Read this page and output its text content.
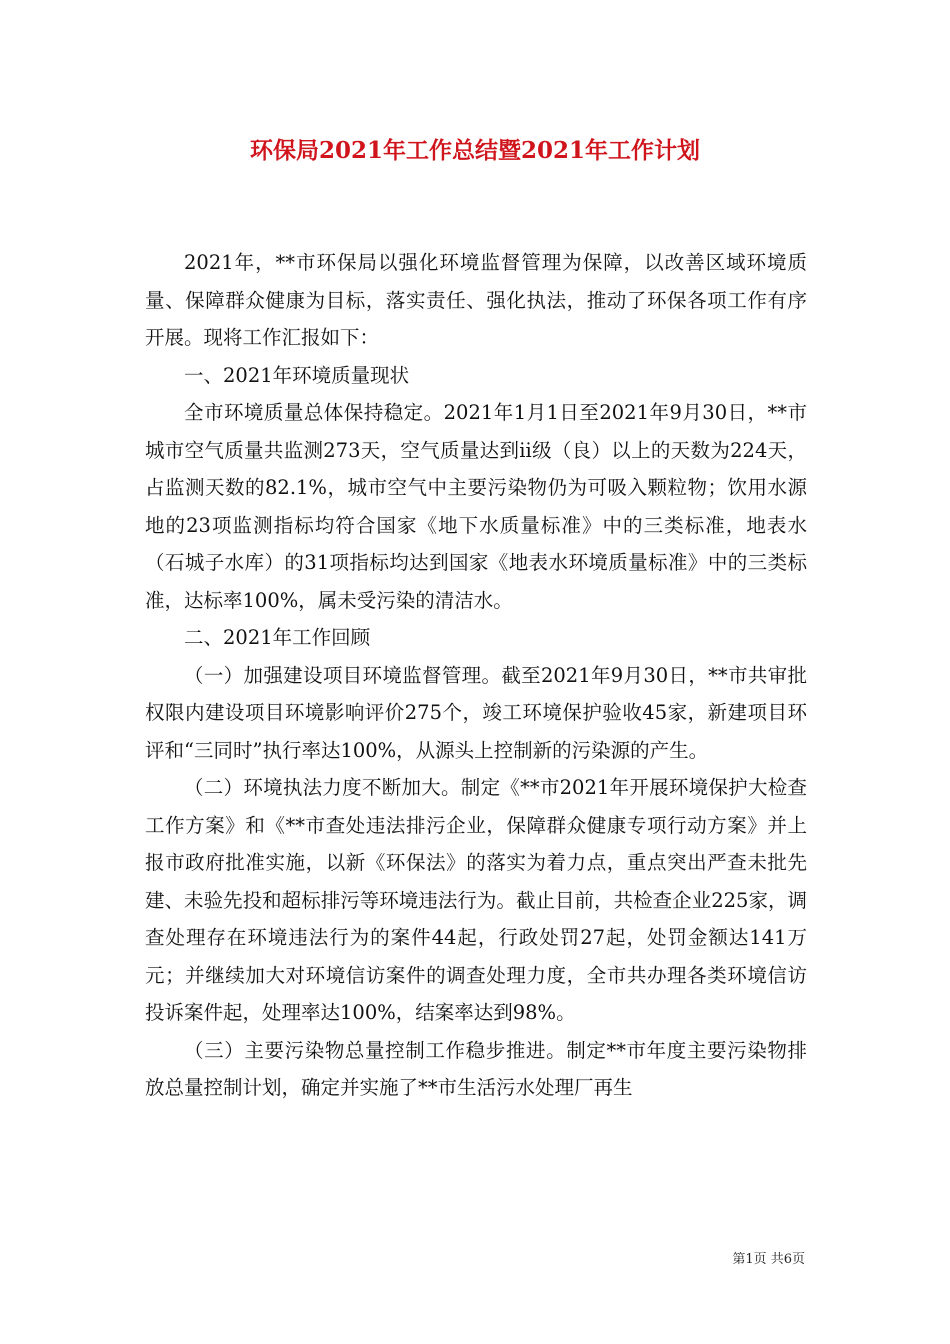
环保局2021年工作总结暨2021年工作计划

2021年，**市环保局以强化环境监督管理为保障，以改善区域环境质量、保障群众健康为目标，落实责任、强化执法，推动了环保各项工作有序开展。现将工作汇报如下：

一、2021年环境质量现状

全市环境质量总体保持稳定。2021年1月1日至2021年9月30日，**市城市空气质量共监测273天，空气质量达到ii级（良）以上的天数为224天，占监测天数的82.1%，城市空气中主要污染物仍为可吸入颗粒物；饮用水源地的23项监测指标均符合国家《地下水质量标准》中的三类标准，地表水（石城子水库）的31项指标均达到国家《地表水环境质量标准》中的三类标准，达标率100%，属未受污染的清洁水。

二、2021年工作回顾

（一）加强建设项目环境监督管理。截至2021年9月30日，**市共审批权限内建设项目环境影响评价275个，竣工环境保护验收45家，新建项目环评和“三同时”执行率达100%，从源头上控制新的污染源的产生。

（二）环境执法力度不断加大。制定《**市2021年开展环境保护大检查工作方案》和《**市查处违法排污企业，保障群众健康专项行动方案》并上报市政府批准实施，以新《环保法》的落实为着力点，重点突出严查未批先建、未验先投和超标排污等环境违法行为。截止目前，共检查企业225家，调查处理存在环境违法行为的案件44起，行政处罚27起，处罚金额达141万元；并继续加大对环境信访案件的调查处理力度，全市共办理各类环境信访投诉案件起，处理率达100%，结案率达到98%。

（三）主要污染物总量控制工作稳步推进。制定**市年度主要污染物排放总量控制计划，确定并实施了**市生活污水处理厂再生

第1页 共6页
